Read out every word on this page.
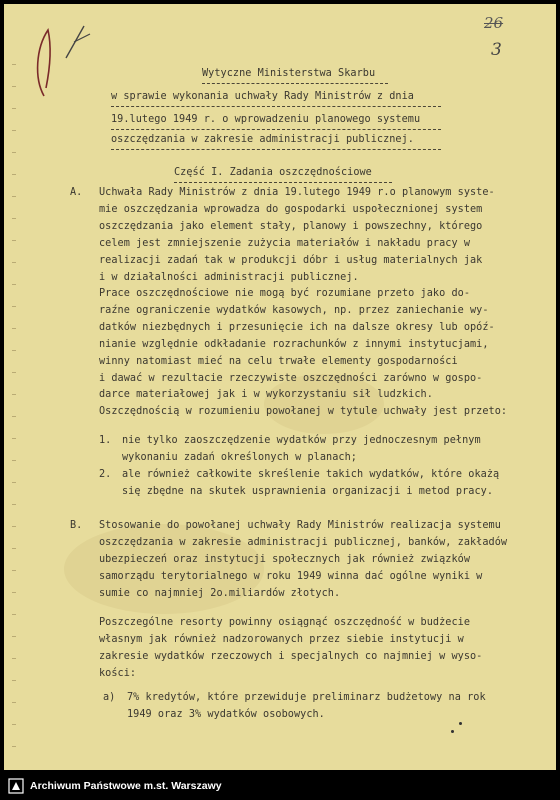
26
3
Wytyczne Ministerstwa Skarbu
w sprawie wykonania uchwały Rady Ministrów z dnia
19.lutego 1949 r. o wprowadzeniu planowego systemu
oszczędzania w zakresie administracji publicznej.
Część I. Zadania oszczędnościowe
A. Uchwała Rady Ministrów z dnia 19.lutego 1949 r.o planowym syste-
mie oszczędzania wprowadza do gospodarki uspołecznionej system
oszczędzania jako element stały, planowy i powszechny, którego
celem jest zmniejszenie zużycia materiałów i nakładu pracy w
realizacji zadań tak w produkcji dóbr i usług materialnych jak
i w działalności administracji publicznej.
Prace oszczędnościowe nie mogą być rozumiane przeto jako do-
raźne ograniczenie wydatków kasowych, np. przez zaniechanie wy-
datków niezbędnych i przesunięcie ich na dalsze okresy lub opóź-
nianie względnie odkładanie rozrachunków z innymi instytucjami,
winny natomiast mieć na celu trwałe elementy gospodarności
i dawać w rezultacie rzeczywiste oszczędności zarówno w gospo-
darce materiałowej jak i w wykorzystaniu sił ludzkich.
Oszczędnością w rozumieniu powołanej w tytule uchwały jest przeto:
1. nie tylko zaoszczędzenie wydatków przy jednoczesnym pełnym
wykonaniu zadań określonych w planach;
2. ale również całkowite skreślenie takich wydatków, które okażą
się zbędne na skutek usprawnienia organizacji i metod pracy.
B. Stosowanie do powołanej uchwały Rady Ministrów realizacja systemu
oszczędzania w zakresie administracji publicznej, banków, zakładów
ubezpieczeń oraz instytucji społecznych jak również związków
samorządu terytorialnego w roku 1949 winna dać ogólne wyniki w
sumie co najmniej 2o.miliardów złotych.
Poszczególne resorty powinny osiągnąć oszczędność w budżecie
własnym jak również nadzorowanych przez siebie instytucji w
zakresie wydatków rzeczowych i specjalnych co najmniej w wyso-
kości:
a) 7% kredytów, które przewiduje preliminarz budżetowy na rok
1949 oraz 3% wydatków osobowych.
Archiwum Państwowe m.st. Warszawy
